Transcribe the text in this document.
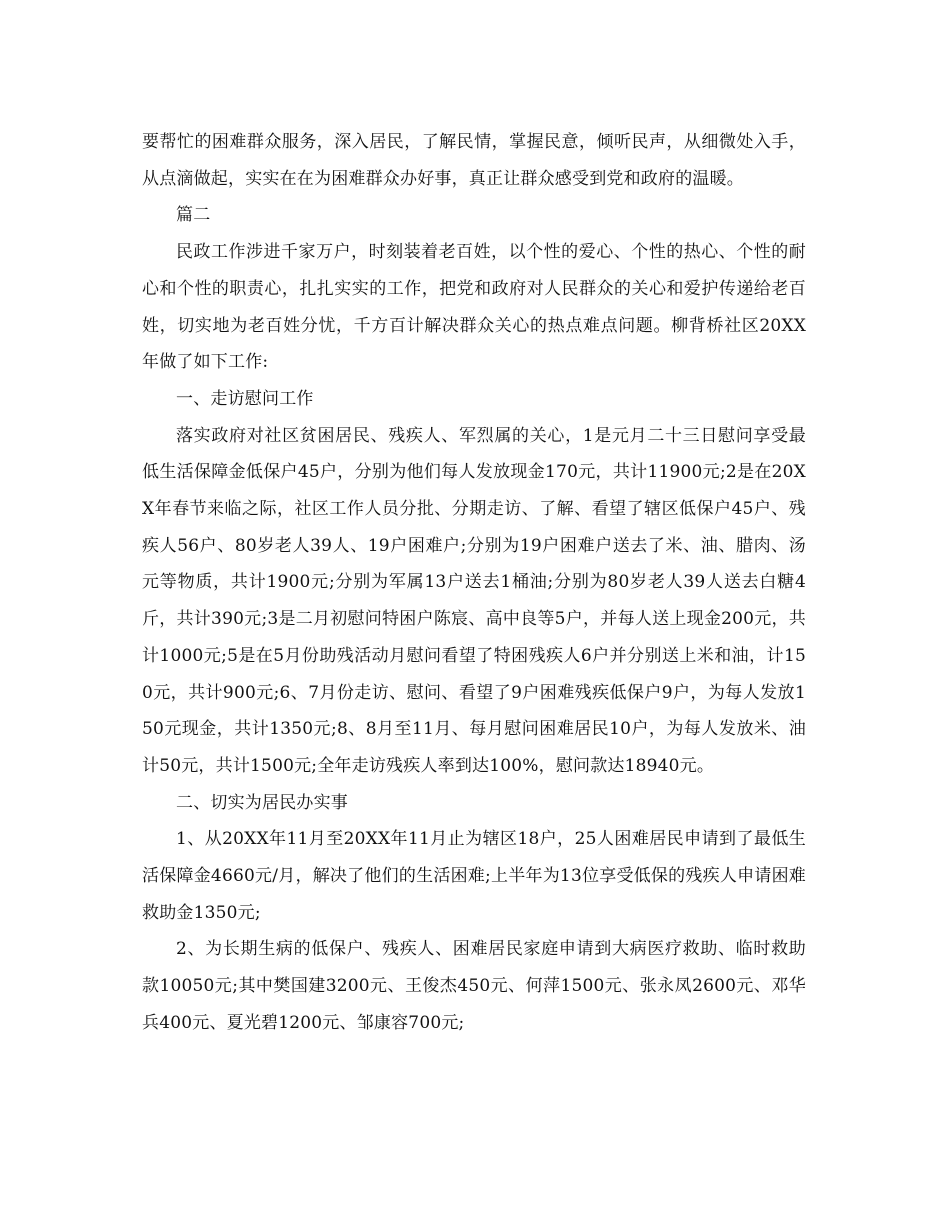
要帮忙的困难群众服务，深入居民，了解民情，掌握民意，倾听民声，从细微处入手，从点滴做起，实实在在为困难群众办好事，真正让群众感受到党和政府的温暖。

篇二

民政工作涉进千家万户，时刻装着老百姓，以个性的爱心、个性的热心、个性的耐心和个性的职责心，扎扎实实的工作，把党和政府对人民群众的关心和爱护传递给老百姓，切实地为老百姓分忧，千方百计解决群众关心的热点难点问题。柳背桥社区20XX年做了如下工作:

一、走访慰问工作

落实政府对社区贫困居民、残疾人、军烈属的关心，1是元月二十三日慰问享受最低生活保障金低保户45户，分别为他们每人发放现金170元，共计11900元;2是在20XX年春节来临之际，社区工作人员分批、分期走访、了解、看望了辖区低保户45户、残疾人56户、80岁老人39人、19户困难户;分别为19户困难户送去了米、油、腊肉、汤元等物质，共计1900元;分别为军属13户送去1桶油;分别为80岁老人39人送去白糖4斤，共计390元;3是二月初慰问特困户陈宸、高中良等5户，并每人送上现金200元，共计1000元;5是在5月份助残活动月慰问看望了特困残疾人6户并分别送上米和油，计150元，共计900元;6、7月份走访、慰问、看望了9户困难残疾低保户9户，为每人发放150元现金，共计1350元;8、8月至11月、每月慰问困难居民10户，为每人发放米、油计50元，共计1500元;全年走访残疾人率到达100%，慰问款达18940元。

二、切实为居民办实事

1、从20XX年11月至20XX年11月止为辖区18户，25人困难居民申请到了最低生活保障金4660元/月，解决了他们的生活困难;上半年为13位享受低保的残疾人申请困难救助金1350元;

2、为长期生病的低保户、残疾人、困难居民家庭申请到大病医疗救助、临时救助款10050元;其中樊国建3200元、王俊杰450元、何萍1500元、张永凤2600元、邓华兵400元、夏光碧1200元、邹康容700元;
